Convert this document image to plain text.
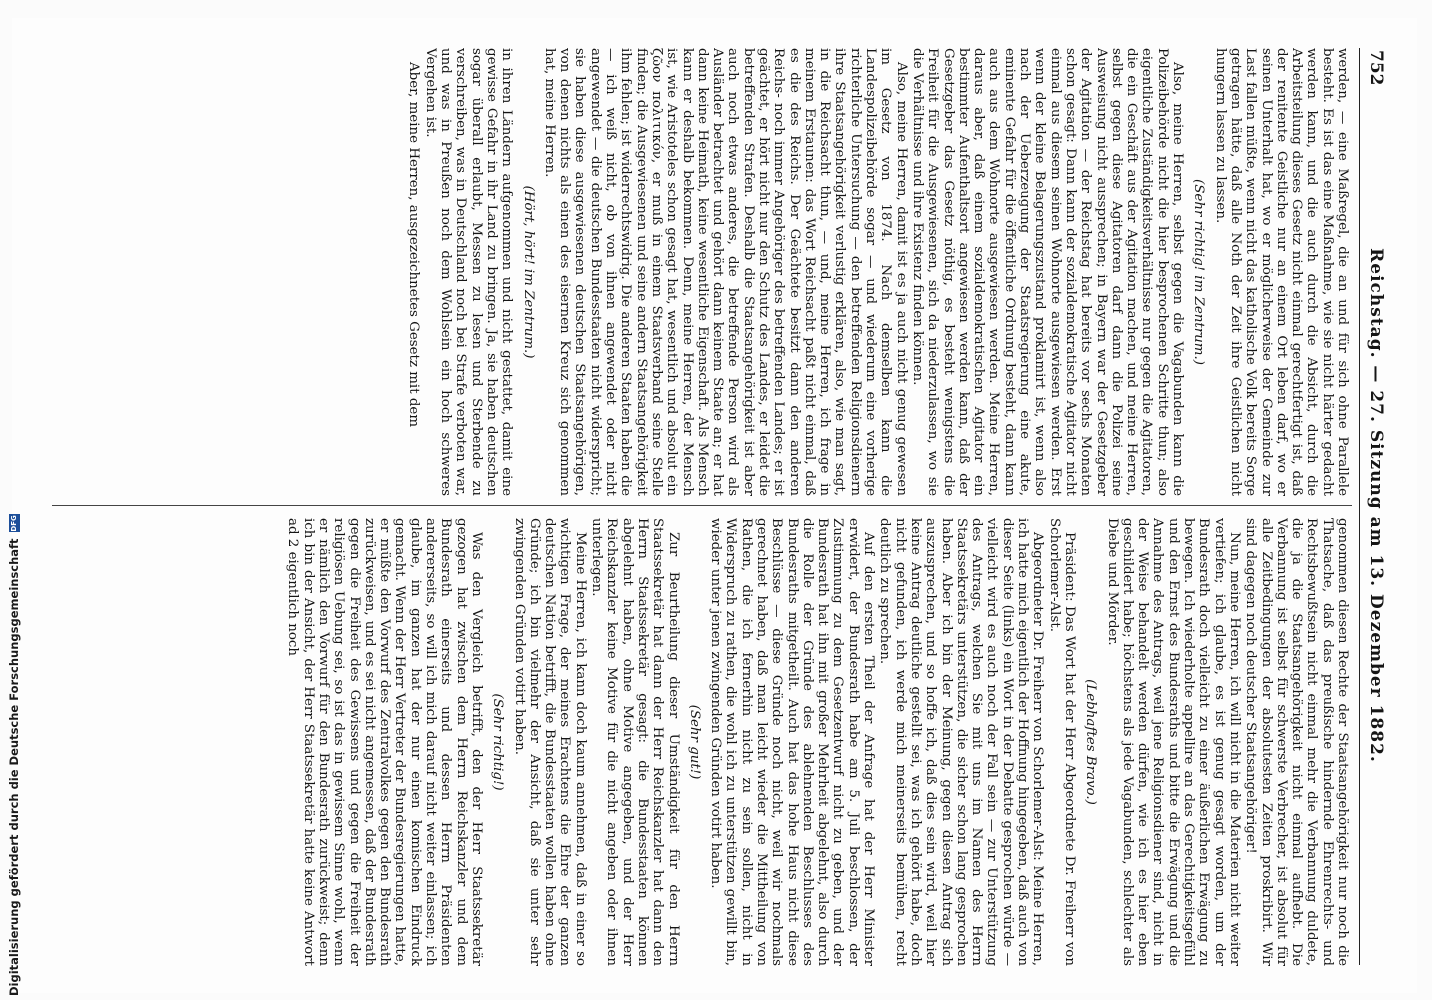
752
Reichstag. — 27. Sitzung am 13. Dezember 1882.

werden, — eine Maßregel, die an und für sich ohne Parallele besteht. Es ist das eine Maßnahme, wie sie nicht härter gedacht werden kann, und die auch durch die Absicht, durch die Arbeitsteilung dieses Gesetz nicht einmal gerechtfertigt ist, daß der renitente Geistliche nur an einem Ort leben darf, wo er seinen Unterhalt hat, wo er möglicherweise der Gemeinde zur Last fallen müßte, wenn nicht das katholische Volk bereits Sorge getragen hätte, daß alle Noth der Zeit ihre Geistlichen nicht hungern lassen zu lassen.

(Sehr richtig! im Zentrum.)

Also, meine Herren, selbst gegen die Vagabunden kann die Polizeibehörde nicht die hier besprochenen Schritte thun; also eigentliche Zuständigkeitsverhältnisse nur gegen die Agitatoren, die ein Geschäft aus der Agitation machen, und meine Herren, selbst gegen diese Agitatoren darf dann die Polizei seine Ausweisung nicht aussprechen; in Bayern war der Gesetzgeber der Agitation — der Reichstag hat bereits vor sechs Monaten schon gesagt: Dann kann der sozialdemokratische Agitator nicht einmal aus diesem seinen Wohnorte ausgewiesen werden. Erst wenn der kleine Belagerungszustand proklamirt ist, wenn also nach der Ueberzeugung der Staatsregierung eine akute, eminente Gefahr für die öffentliche Ordnung besteht, dann kann auch aus dem Wohnorte ausgewiesen werden. Meine Herren, daraus aber, daß einem sozialdemokratischen Agitator ein bestimmter Aufenthaltsort angewiesen werden kann, daß der Gesetzgeber das Gesetz nöthig, es besteht wenigstens die Freiheit für die Ausgewiesenen, sich da niederzulassen, wo sie die Verhältnisse und ihre Existenz finden können.

Also, meine Herren, damit ist es ja auch nicht genug gewesen im Gesetz von 1874. Nach demselben kann die Landespolizeibehörde sogar — und wiederum eine vorherige richterliche Untersuchung — den betreffenden Religionsdienern ihre Staatsangehörigkeit verlustig erklären, also, wie man sagt, in die Reichsacht thun, — und, meine Herren, ich frage in meinem Erstaunen: das Wort Reichsacht paßt nicht einmal, daß es die des Reichs. Der Geächtete besitzt dann den anderen Reichs- noch immer Angehöriger des betreffenden Landes; er ist geächtet, er hört nicht nur den Schutz des Landes, er leidet die betreffenden Strafen. Deshalb die Staatsangehörigkeit ist aber auch noch etwas anderes, die betreffende Person wird als Ausländer betrachtet und gehört dann keinem Staate an; er hat dann keine Heimath, keine wesentliche Eigenschaft. Als Mensch kann er deshalb bekommen. Denn, meine Herren, der Mensch ist, wie Aristoteles schon gesagt hat, wesentlich und absolut ein ζῶον πολιτικόν, er muß in einem Staatsverband seine Stelle finden; die Ausgewiesenen und seine andern Staatsangehörigkeit ihm fehlen; ist widerrechtswidrig. Die anderen Staaten haben die — ich weiß nicht, ob von ihnen angewendet oder nicht angewendet — die deutschen Bundesstaaten nicht widerspricht; sie haben diese ausgewiesenen deutschen Staatsangehörigen, von denen nichts als einen des eisernen Kreuz sich genommen hat, meine Herren.

(Hört, hört! im Zentrum.)

in ihren Ländern aufgenommen und nicht gestattet, damit eine gewisse Gefahr in ihr Land zu bringen. Ja, sie haben deutschen sogar überall erlaubt, Messen zu lesen und Sterbende zu verschreiben, was in Deutschland noch bei Strafe verboten war, und was in Preußen noch dem Wohlsein ein hoch schweres Vergehen ist.

Aber, meine Herren, ausgezeichnetes Gesetz mit dem

genommen diesen Rechte der Staatsangehörigkeit nur noch die Thatsache, daß das preußische hindernde Ehrenrechts- und Rechtsbewußtsein nicht einmal mehr die Verbannung duldete, die ja die Staatsangehörigkeit nicht einmal aufhebt. Die Verbannung ist selbst für schwerste Verbrecher, ist absolut für alle Zeitbedingungen der absolutesten Zeiten proskribirt. Wir sind dagegen noch deutscher Staatsangehöriger!

Nun, meine Herren, ich will nicht in die Materien nicht weiter vertiefen; ich glaube, es ist genug gesagt worden, um der Bundesrath doch vielleicht zu einer äußerlichen Erwägung zu bewegen. Ich wiederholte appellire an das Gerechtigkeitsgefühl und den Ernst des Bundesraths und bitte die Erwägung und die Annahme des Antrags, weil jene Religionsdiener sind, nicht in der Weise behandelt werden dürfen, wie ich es hier eben geschildert habe; höchstens als jede Vagabunden, schlechter als Diebe und Mörder.

(Lebhaftes Bravo.)

Präsident: Das Wort hat der Herr Abgeordnete Dr. Freiherr von Schorlemer-Alst.

Abgeordneter Dr. Freiherr von Schorlemer-Alst: Meine Herren, ich hatte mich eigentlich der Hoffnung hingegeben, daß auch von dieser Seite (links) ein Wort in der Debatte gesprochen würde — vielleicht wird es auch noch der Fall sein — zur Unterstützung des Antrags, welchen Sie mit uns im Namen des Herrn Staatssekretärs unterstützen, die sicher schon lang gesprochen haben. Aber ich bin der Meinung, gegen diesen Antrag sich auszusprechen, und so hoffe ich, daß dies sein wird, weil hier keine Antrag deutliche gestellt sei, was ich gehört habe, doch nicht gefunden, ich werde mich meinerseits bemühen, recht deutlich zu sprechen.

Auf den ersten Theil der Anfrage hat der Herr Minister erwidert, der Bundesrath habe am 5. Juli beschlossen, der Zustimmung zu dem Gesetzentwurf nicht zu geben, und der Bundesrath hat ihn mit großer Mehrheit abgelehnt, also durch die Rolle der Gründe des ablehnenden Beschlusses des Bundesraths mitgetheilt. Auch hat das hohe Haus nicht diese Beschlüsse — diese Gründe noch nicht, weil wir nochmals gerechnet haben, daß man leicht wieder die Mittheilung von Rathen, die ich fernerhin nicht zu sein sollen, nicht in Widerspruch zu rathen, die wohl ich zu unterstützen gewillt bin, wieder unter jenen zwingenden Gründen votirt haben.

(Sehr gut!)

Zur Beurtheilung dieser Umständigkeit für den Herrn Staatssekretär hat dann der Herr Reichskanzler hat dann den Herrn Staatssekretär gesagt: die Bundesstaaten können abgelehnt haben, ohne Motive angegeben, und der Herr Reichskanzler keine Motive für die nicht angeben oder ihnen unterlegen.

Meine Herren, ich kann doch kaum annehmen, daß in einer so wichtigen Frage, der meines Erachtens die Ehre der ganzen deutschen Nation betrifft, die Bundesstaaten wollen haben ohne Gründe; ich bin vielmehr der Ansicht, daß sie unter sehr zwingenden Gründen votirt haben.

(Sehr richtig!)

Was den Vergleich betrifft, den der Herr Staatssekretär gezogen hat zwischen dem Herrn Reichskanzler und dem Bundesrath einerseits und dessen Herrn Präsidenten andererseits, so will ich mich darauf nicht weiter einlassen; ich glaube, im ganzen hat der nur einen komischen Eindruck gemacht. Wenn der Herr Vertreter der Bundesregierungen hatte, er müßte den Vorwurf des Zentralvolkes gegen den Bundesrath zurückweisen, und es sei nicht angemessen, daß der Bundesrath gegen die Freiheit des Gewissens und gegen die Freiheit der religiösen Uebung sei, so ist das in gewissem Sinne wohl, wenn er nämlich den Vorwurf für den Bundesrath zurückweist; denn ich bin der Ansicht, der Herr Staatssekretär hatte keine Antwort ad 2 eigentlich noch

Digitalisierung gefördert durch die Deutsche Forschungsgemeinschaft
DFG
